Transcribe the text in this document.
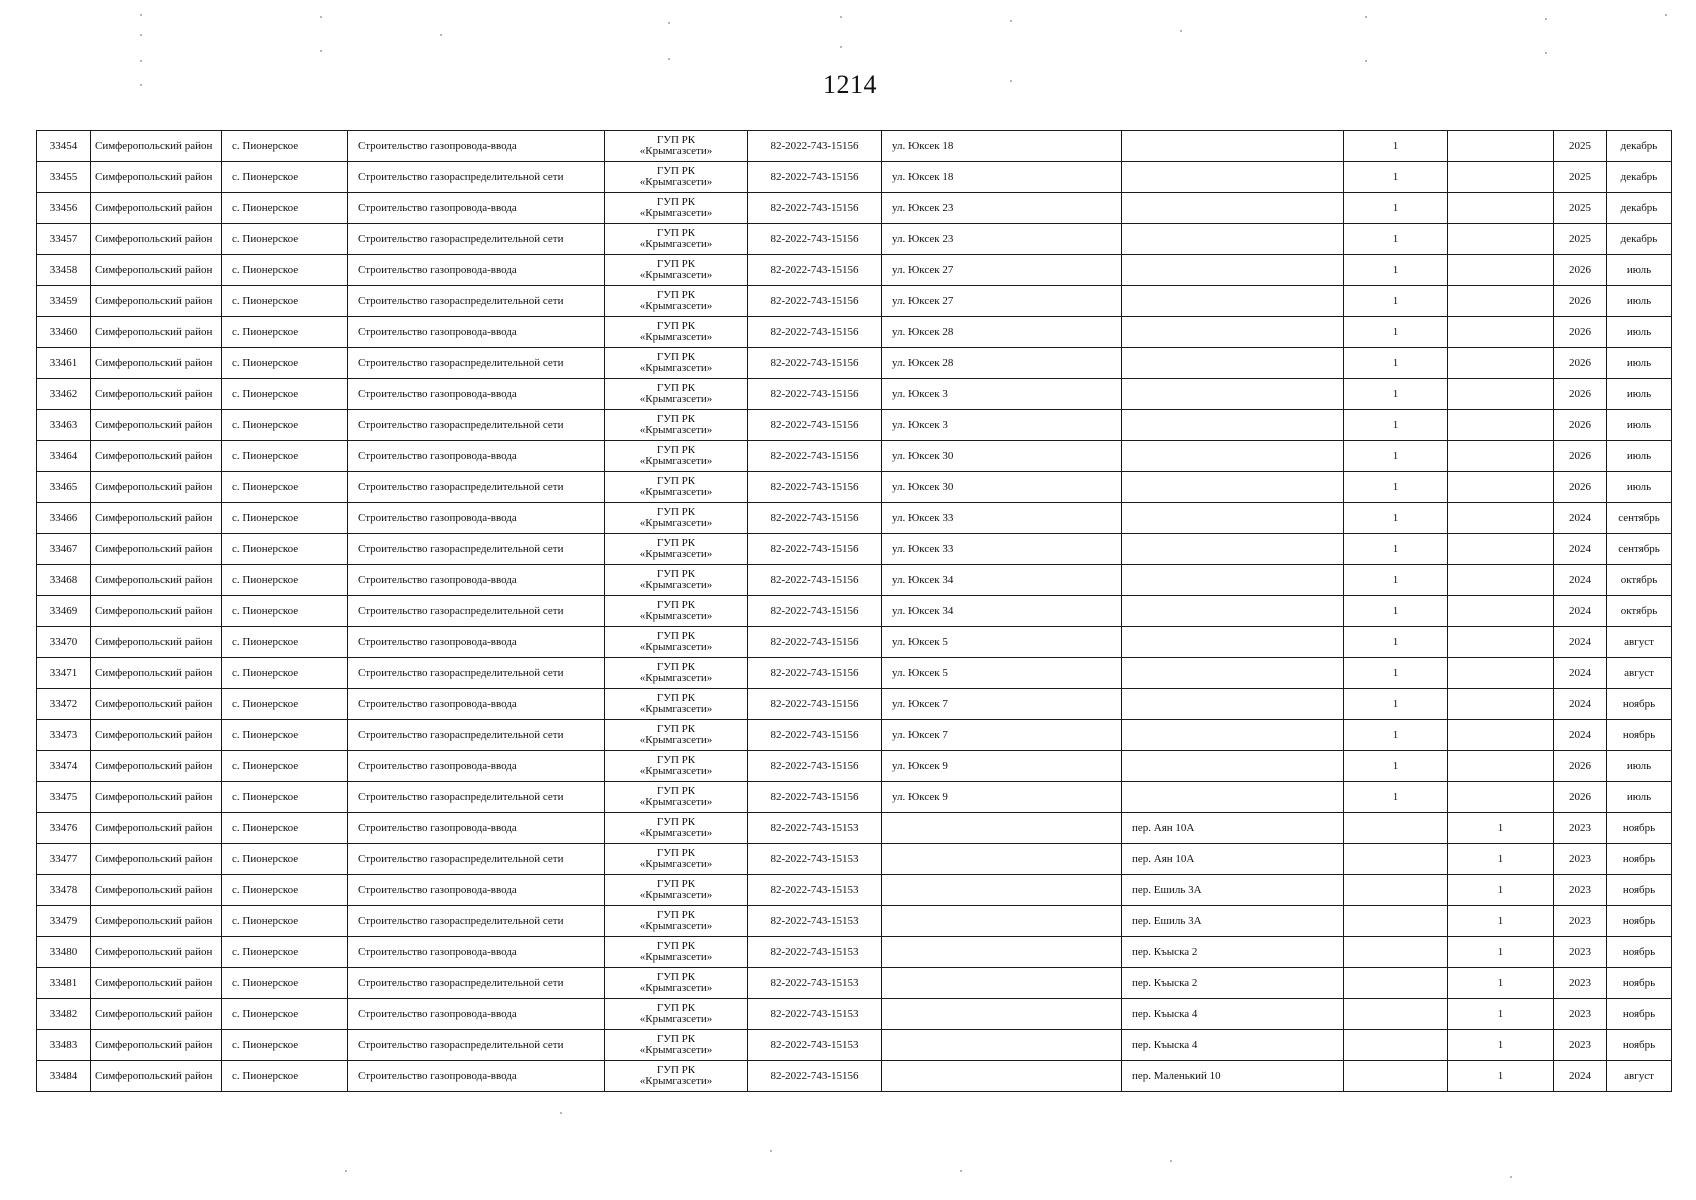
1214
33454	Симферопольский район	с. Пионерское	Строительство газопровода-ввода	ГУП РК
«Крымгазсети»	82-2022-743-15156	ул. Юксек 18		1		2025	декабрь
33455	Симферопольский район	с. Пионерское	Строительство газораспределительной сети	ГУП РК
«Крымгазсети»	82-2022-743-15156	ул. Юксек 18		1		2025	декабрь
33456	Симферопольский район	с. Пионерское	Строительство газопровода-ввода	ГУП РК
«Крымгазсети»	82-2022-743-15156	ул. Юксек 23		1		2025	декабрь
33457	Симферопольский район	с. Пионерское	Строительство газораспределительной сети	ГУП РК
«Крымгазсети»	82-2022-743-15156	ул. Юксек 23		1		2025	декабрь
33458	Симферопольский район	с. Пионерское	Строительство газопровода-ввода	ГУП РК
«Крымгазсети»	82-2022-743-15156	ул. Юксек 27		1		2026	июль
33459	Симферопольский район	с. Пионерское	Строительство газораспределительной сети	ГУП РК
«Крымгазсети»	82-2022-743-15156	ул. Юксек 27		1		2026	июль
33460	Симферопольский район	с. Пионерское	Строительство газопровода-ввода	ГУП РК
«Крымгазсети»	82-2022-743-15156	ул. Юксек 28		1		2026	июль
33461	Симферопольский район	с. Пионерское	Строительство газораспределительной сети	ГУП РК
«Крымгазсети»	82-2022-743-15156	ул. Юксек 28		1		2026	июль
33462	Симферопольский район	с. Пионерское	Строительство газопровода-ввода	ГУП РК
«Крымгазсети»	82-2022-743-15156	ул. Юксек 3		1		2026	июль
33463	Симферопольский район	с. Пионерское	Строительство газораспределительной сети	ГУП РК
«Крымгазсети»	82-2022-743-15156	ул. Юксек 3		1		2026	июль
33464	Симферопольский район	с. Пионерское	Строительство газопровода-ввода	ГУП РК
«Крымгазсети»	82-2022-743-15156	ул. Юксек 30		1		2026	июль
33465	Симферопольский район	с. Пионерское	Строительство газораспределительной сети	ГУП РК
«Крымгазсети»	82-2022-743-15156	ул. Юксек 30		1		2026	июль
33466	Симферопольский район	с. Пионерское	Строительство газопровода-ввода	ГУП РК
«Крымгазсети»	82-2022-743-15156	ул. Юксек 33		1		2024	сентябрь
33467	Симферопольский район	с. Пионерское	Строительство газораспределительной сети	ГУП РК
«Крымгазсети»	82-2022-743-15156	ул. Юксек 33		1		2024	сентябрь
33468	Симферопольский район	с. Пионерское	Строительство газопровода-ввода	ГУП РК
«Крымгазсети»	82-2022-743-15156	ул. Юксек 34		1		2024	октябрь
33469	Симферопольский район	с. Пионерское	Строительство газораспределительной сети	ГУП РК
«Крымгазсети»	82-2022-743-15156	ул. Юксек 34		1		2024	октябрь
33470	Симферопольский район	с. Пионерское	Строительство газопровода-ввода	ГУП РК
«Крымгазсети»	82-2022-743-15156	ул. Юксек 5		1		2024	август
33471	Симферопольский район	с. Пионерское	Строительство газораспределительной сети	ГУП РК
«Крымгазсети»	82-2022-743-15156	ул. Юксек 5		1		2024	август
33472	Симферопольский район	с. Пионерское	Строительство газопровода-ввода	ГУП РК
«Крымгазсети»	82-2022-743-15156	ул. Юксек 7		1		2024	ноябрь
33473	Симферопольский район	с. Пионерское	Строительство газораспределительной сети	ГУП РК
«Крымгазсети»	82-2022-743-15156	ул. Юксек 7		1		2024	ноябрь
33474	Симферопольский район	с. Пионерское	Строительство газопровода-ввода	ГУП РК
«Крымгазсети»	82-2022-743-15156	ул. Юксек 9		1		2026	июль
33475	Симферопольский район	с. Пионерское	Строительство газораспределительной сети	ГУП РК
«Крымгазсети»	82-2022-743-15156	ул. Юксек 9		1		2026	июль
33476	Симферопольский район	с. Пионерское	Строительство газопровода-ввода	ГУП РК
«Крымгазсети»	82-2022-743-15153		пер. Аян 10А		1	2023	ноябрь
33477	Симферопольский район	с. Пионерское	Строительство газораспределительной сети	ГУП РК
«Крымгазсети»	82-2022-743-15153		пер. Аян 10А		1	2023	ноябрь
33478	Симферопольский район	с. Пионерское	Строительство газопровода-ввода	ГУП РК
«Крымгазсети»	82-2022-743-15153		пер. Ешиль 3А		1	2023	ноябрь
33479	Симферопольский район	с. Пионерское	Строительство газораспределительной сети	ГУП РК
«Крымгазсети»	82-2022-743-15153		пер. Ешиль 3А		1	2023	ноябрь
33480	Симферопольский район	с. Пионерское	Строительство газопровода-ввода	ГУП РК
«Крымгазсети»	82-2022-743-15153		пер. Къыска 2		1	2023	ноябрь
33481	Симферопольский район	с. Пионерское	Строительство газораспределительной сети	ГУП РК
«Крымгазсети»	82-2022-743-15153		пер. Къыска 2		1	2023	ноябрь
33482	Симферопольский район	с. Пионерское	Строительство газопровода-ввода	ГУП РК
«Крымгазсети»	82-2022-743-15153		пер. Къыска 4		1	2023	ноябрь
33483	Симферопольский район	с. Пионерское	Строительство газораспределительной сети	ГУП РК
«Крымгазсети»	82-2022-743-15153		пер. Къыска 4		1	2023	ноябрь
33484	Симферопольский район	с. Пионерское	Строительство газопровода-ввода	ГУП РК
«Крымгазсети»	82-2022-743-15156		пер. Маленький 10		1	2024	август
